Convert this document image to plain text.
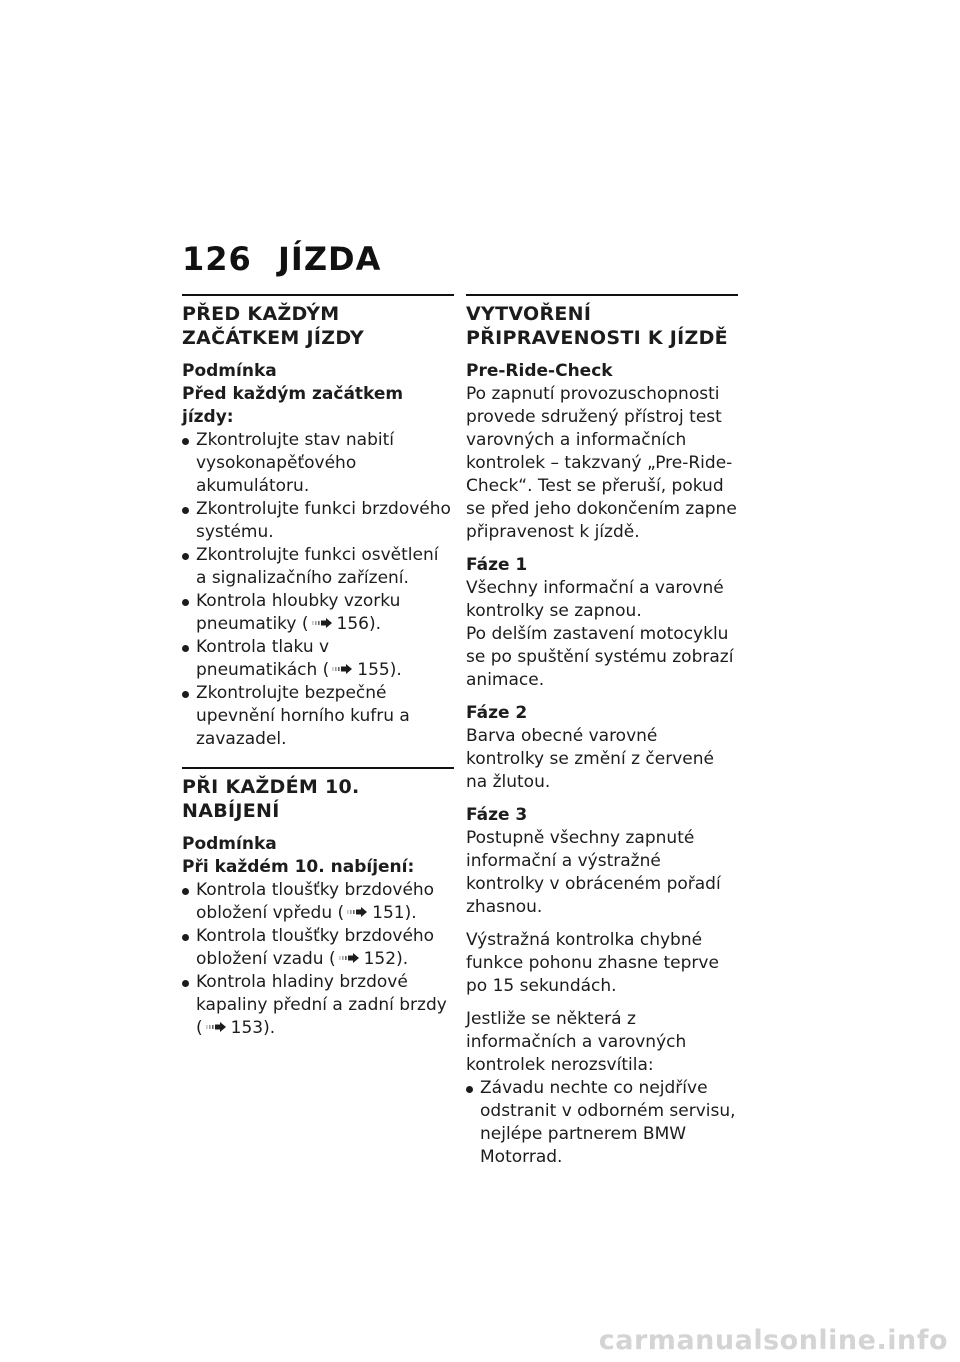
126 JÍZDA
PŘED KAŽDÝM ZAČÁTKEM JÍZDY
Podmínka

Před každým začátkem jízdy:

Zkontrolujte stav nabití vysokonapěťového akumulátoru.
Zkontrolujte funkci brzdového systému.
Zkontrolujte funkci osvětlení a signalizačního zařízení.
Kontrola hloubky vzorku pneumatiky ( 156).
Kontrola tlaku v pneumatikách ( 155).
Zkontrolujte bezpečné upevnění horního kufru a zavazadel.
PŘI KAŽDÉM 10. NABÍJENÍ
Podmínka

Při každém 10. nabíjení:

Kontrola tloušťky brzdového obložení vpředu ( 151).
Kontrola tloušťky brzdového obložení vzadu ( 152).
Kontrola hladiny brzdové kapaliny přední a zadní brzdy ( 153).
VYTVOŘENÍ PŘIPRAVENOSTI K JÍZDĚ
Pre-Ride-Check

Po zapnutí provozuschopnosti provede sdružený přístroj test varovných a informačních kontrolek – takzvaný „Pre-Ride-Check“. Test se přeruší, pokud se před jeho dokončením zapne připravenost k jízdě.

Fáze 1

Všechny informační a varovné kontrolky se zapnou.

Po delším zastavení motocyklu se po spuštění systému zobrazí animace.

Fáze 2

Barva obecné varovné kontrolky se změní z červené na žlutou.

Fáze 3

Postupně všechny zapnuté informační a výstražné kontrolky v obráceném pořadí zhasnou.

Výstražná kontrolka chybné funkce pohonu zhasne teprve po 15 sekundách.

Jestliže se některá z informačních a varovných kontrolek nerozsvítila:

Závadu nechte co nejdříve odstranit v odborném servisu, nejlépe partnerem BMW Motorrad.
carmanualsonline.info
